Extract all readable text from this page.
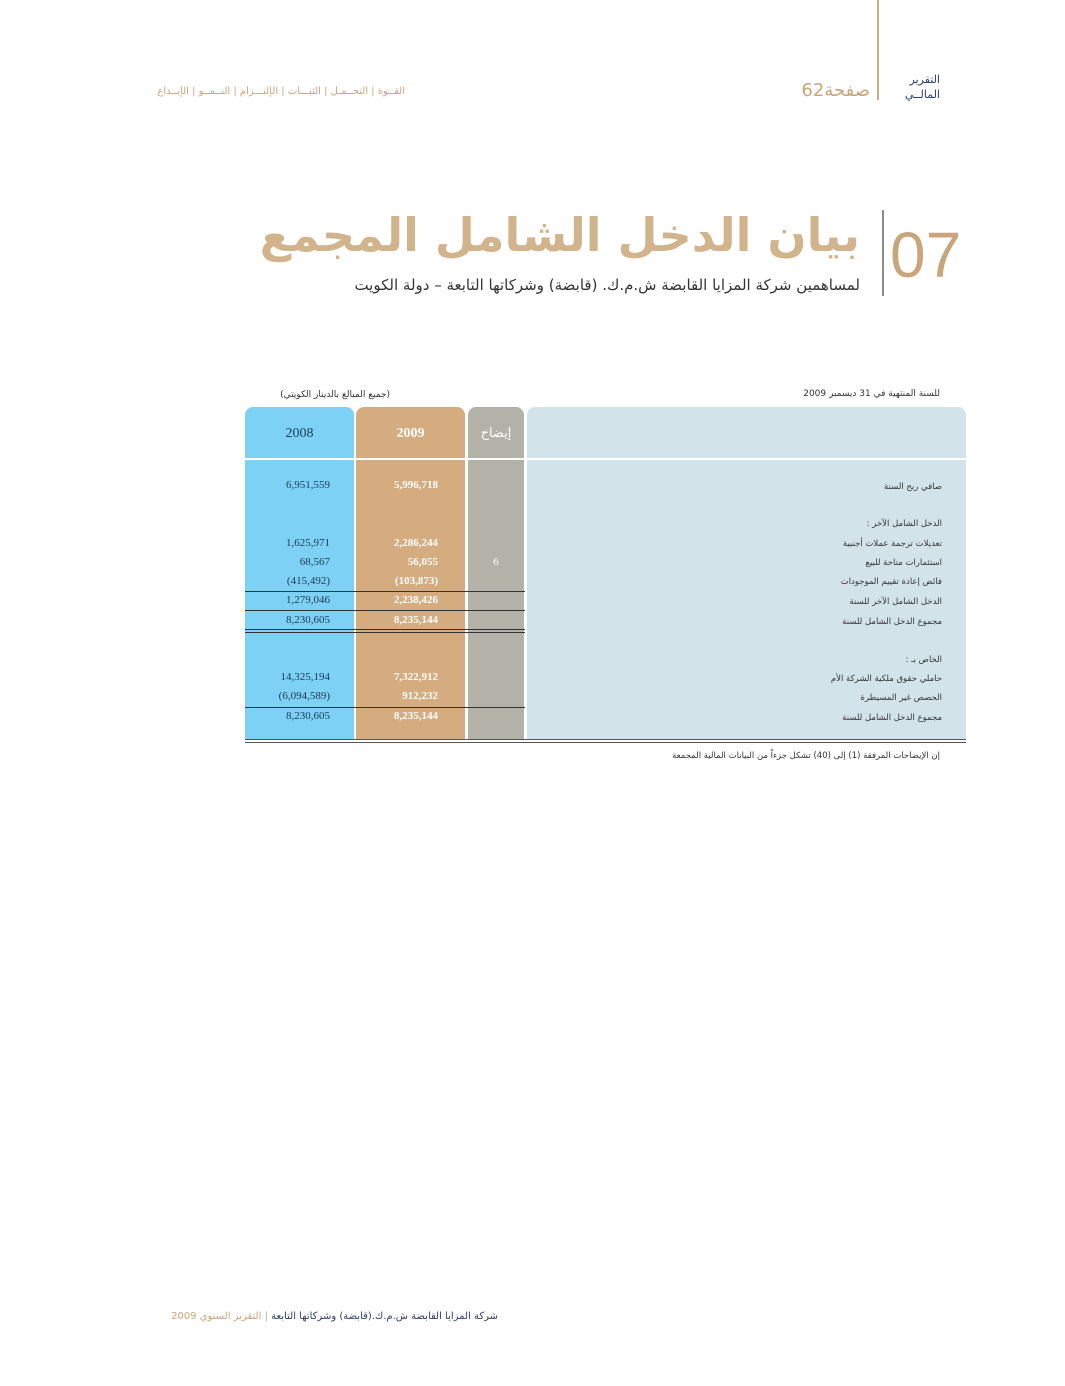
التقرير
المالــي
صفحة62
القــوة | التحــمـل | الثبـــات | الإلتـــزام | النــمــو | الإبــداع
07
بيان الدخل الشامل المجمع
لمساهمين شركة المزايا القابضة ش.م.ك. (قابضة) وشركاتها التابعة – دولة الكويت
للسنة المنتهية في 31 ديسمبر 2009
(جميع المبالغ بالدينار الكويتي)
2008	2009	إيضاح
صافي ربح السنة
5,996,718
6,951,559
الدخل الشامل الآخر :
تعديلات ترجمة عملات أجنبية
2,286,244
1,625,971
استثمارات متاحة للبيع
6
56,055
68,567
فائض إعادة تقييم الموجودات
(103,873)
(415,492)
الدخل الشامل الآخر للسنة
2,238,426
1,279,046
مجموع الدخل الشامل للسنة
8,235,144
8,230,605
الخاص بـ :
حاملي حقوق ملكية الشركة الأم
7,322,912
14,325,194
الحصص غير المسيطرة
912,232
(6,094,589)
مجموع الدخل الشامل للسنة
8,235,144
8,230,605
إن الإيضاحات المرفقة (1) إلى (40) تشكل جزءاً من البيانات المالية المجمعة
شركة المزايا القابضة ش.م.ك.(قابضة) وشركاتها التابعة | التقرير السنوي 2009
